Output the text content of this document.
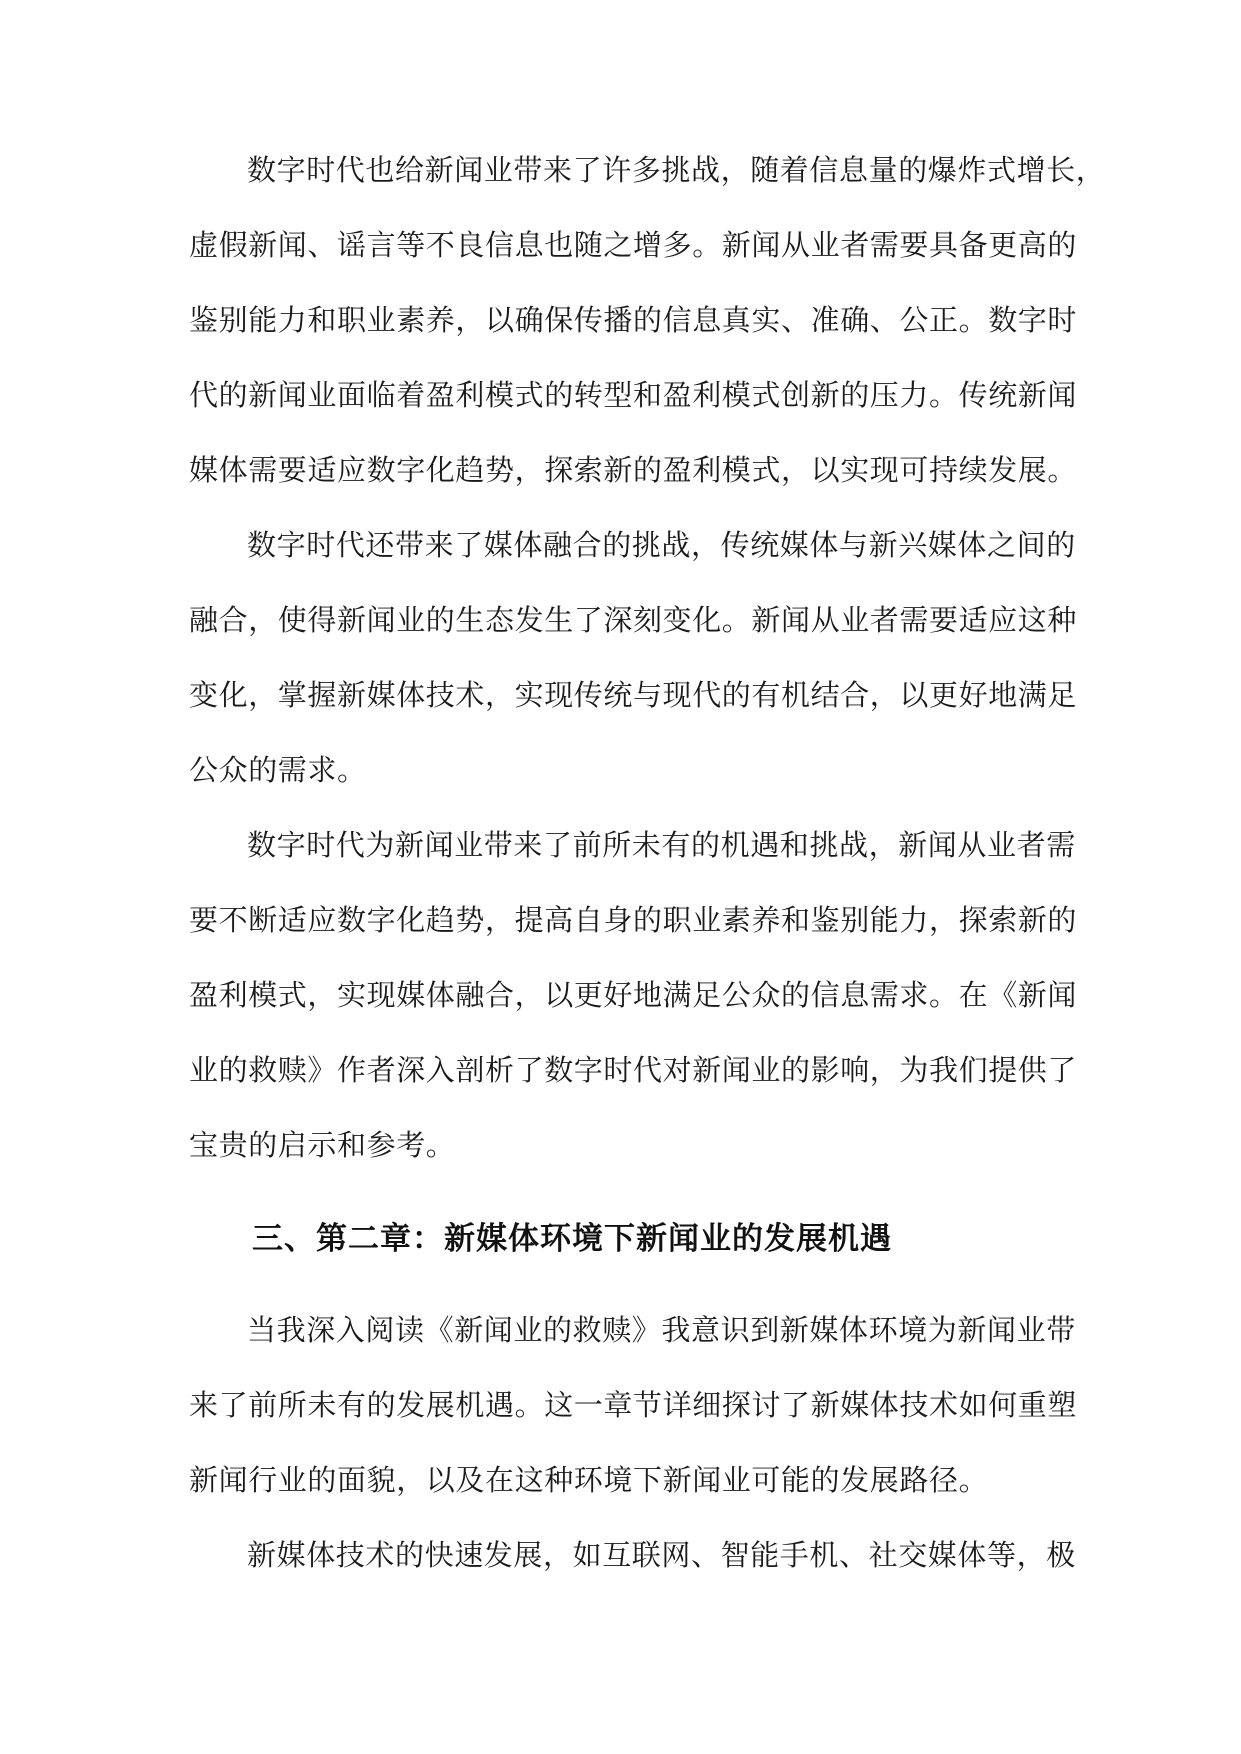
数字时代也给新闻业带来了许多挑战，随着信息量的爆炸式增长，
虚假新闻、谣言等不良信息也随之增多。新闻从业者需要具备更高的
鉴别能力和职业素养，以确保传播的信息真实、准确、公正。数字时
代的新闻业面临着盈利模式的转型和盈利模式创新的压力。传统新闻
媒体需要适应数字化趋势，探索新的盈利模式，以实现可持续发展。
数字时代还带来了媒体融合的挑战，传统媒体与新兴媒体之间的
融合，使得新闻业的生态发生了深刻变化。新闻从业者需要适应这种
变化，掌握新媒体技术，实现传统与现代的有机结合，以更好地满足
公众的需求。
数字时代为新闻业带来了前所未有的机遇和挑战，新闻从业者需
要不断适应数字化趋势，提高自身的职业素养和鉴别能力，探索新的
盈利模式，实现媒体融合，以更好地满足公众的信息需求。在《新闻
业的救赎》作者深入剖析了数字时代对新闻业的影响，为我们提供了
宝贵的启示和参考。
三、第二章：新媒体环境下新闻业的发展机遇
当我深入阅读《新闻业的救赎》我意识到新媒体环境为新闻业带
来了前所未有的发展机遇。这一章节详细探讨了新媒体技术如何重塑
新闻行业的面貌，以及在这种环境下新闻业可能的发展路径。
新媒体技术的快速发展，如互联网、智能手机、社交媒体等，极
